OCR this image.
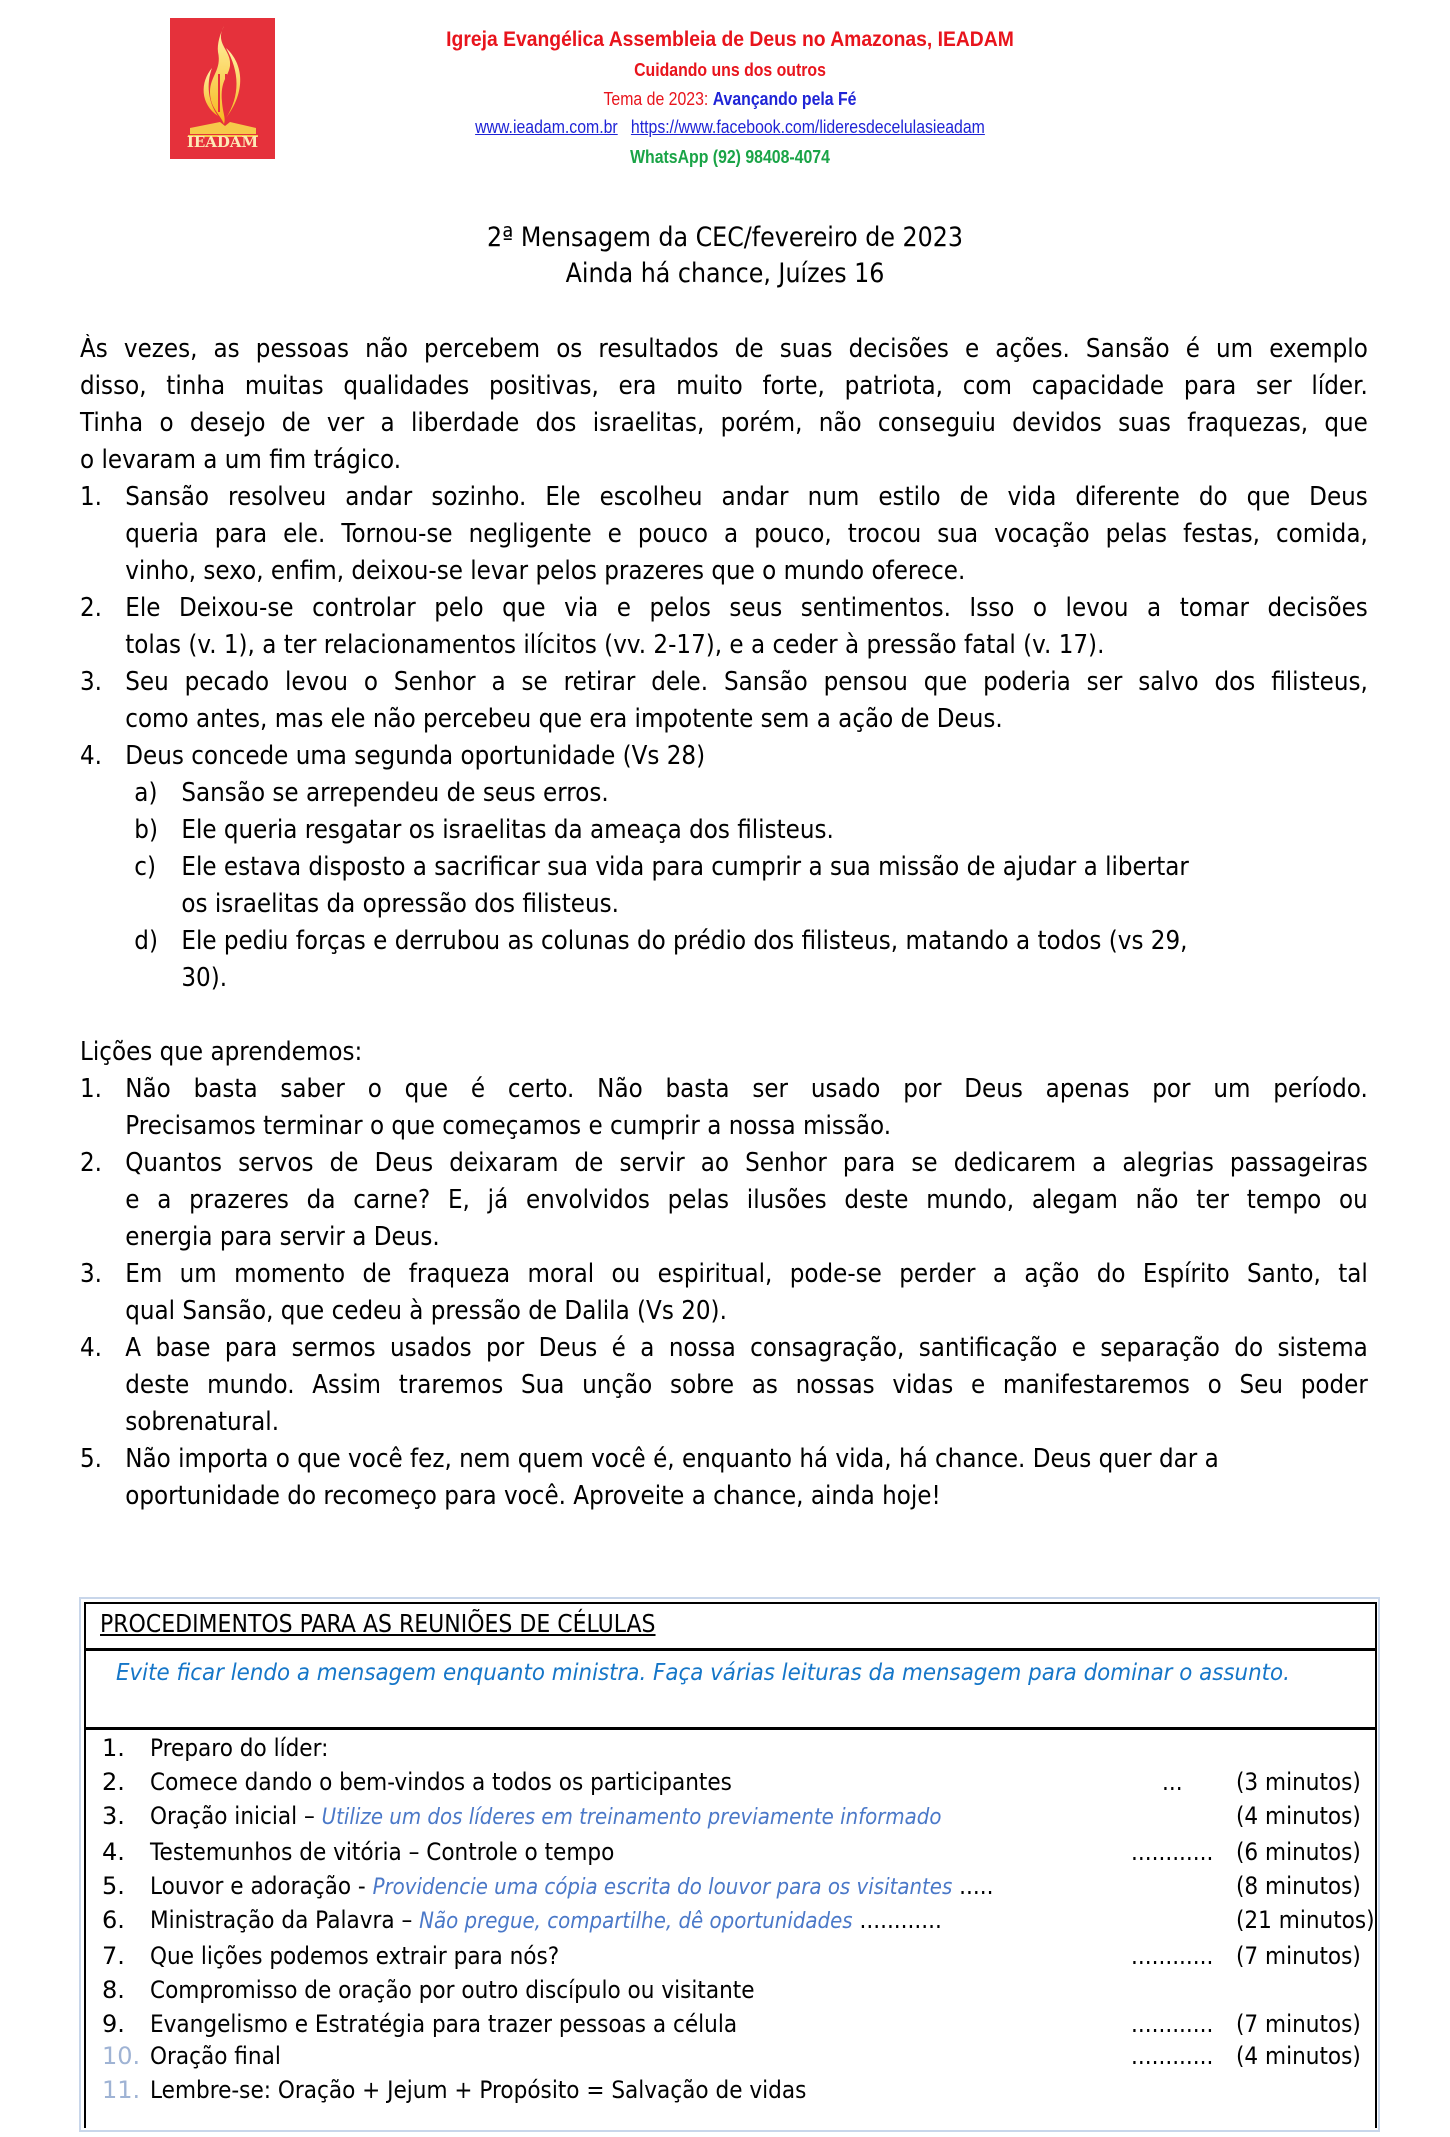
IEADAM
Igreja Evangélica Assembleia de Deus no Amazonas, IEADAM
Cuidando uns dos outros
Tema de 2023: Avançando pela Fé
www.ieadam.com.br https://www.facebook.com/lideresdecelulasieadam
WhatsApp (92) 98408-4074
2ª Mensagem da CEC/fevereiro de 2023
Ainda há chance, Juízes 16
Às vezes, as pessoas não percebem os resultados de suas decisões e ações. Sansão é um exemplo
disso, tinha muitas qualidades positivas, era muito forte, patriota, com capacidade para ser líder.
Tinha o desejo de ver a liberdade dos israelitas, porém, não conseguiu devidos suas fraquezas, que
o levaram a um fim trágico.
1. Sansão resolveu andar sozinho. Ele escolheu andar num estilo de vida diferente do que Deus
queria para ele. Tornou-se negligente e pouco a pouco, trocou sua vocação pelas festas, comida,
vinho, sexo, enfim, deixou-se levar pelos prazeres que o mundo oferece.
2. Ele Deixou-se controlar pelo que via e pelos seus sentimentos. Isso o levou a tomar decisões
tolas (v. 1), a ter relacionamentos ilícitos (vv. 2-17), e a ceder à pressão fatal (v. 17).
3. Seu pecado levou o Senhor a se retirar dele. Sansão pensou que poderia ser salvo dos filisteus,
como antes, mas ele não percebeu que era impotente sem a ação de Deus.
4. Deus concede uma segunda oportunidade (Vs 28)
a) Sansão se arrependeu de seus erros.
b) Ele queria resgatar os israelitas da ameaça dos filisteus.
c) Ele estava disposto a sacrificar sua vida para cumprir a sua missão de ajudar a libertar
os israelitas da opressão dos filisteus.
d) Ele pediu forças e derrubou as colunas do prédio dos filisteus, matando a todos (vs 29,
30).
Lições que aprendemos:
1. Não basta saber o que é certo. Não basta ser usado por Deus apenas por um período.
Precisamos terminar o que começamos e cumprir a nossa missão.
2. Quantos servos de Deus deixaram de servir ao Senhor para se dedicarem a alegrias passageiras
e a prazeres da carne? E, já envolvidos pelas ilusões deste mundo, alegam não ter tempo ou
energia para servir a Deus.
3. Em um momento de fraqueza moral ou espiritual, pode-se perder a ação do Espírito Santo, tal
qual Sansão, que cedeu à pressão de Dalila (Vs 20).
4. A base para sermos usados por Deus é a nossa consagração, santificação e separação do sistema
deste mundo. Assim traremos Sua unção sobre as nossas vidas e manifestaremos o Seu poder
sobrenatural.
5. Não importa o que você fez, nem quem você é, enquanto há vida, há chance. Deus quer dar a
oportunidade do recomeço para você. Aproveite a chance, ainda hoje!
PROCEDIMENTOS PARA AS REUNIÕES DE CÉLULAS
Evite ficar lendo a mensagem enquanto ministra. Faça várias leituras da mensagem para dominar o assunto.
1. Preparo do líder:
2. Comece dando o bem-vindos a todos os participantes	... (3 minutos)
3. Oração inicial – Utilize um dos líderes em treinamento previamente informado	(4 minutos)
4. Testemunhos de vitória – Controle o tempo	............ (6 minutos)
5. Louvor e adoração - Providencie uma cópia escrita do louvor para os visitantes .....	(8 minutos)
6. Ministração da Palavra – Não pregue, compartilhe, dê oportunidades ............	(21 minutos)
7. Que lições podemos extrair para nós?	............ (7 minutos)
8. Compromisso de oração por outro discípulo ou visitante
9. Evangelismo e Estratégia para trazer pessoas a célula	............ (7 minutos)
10. Oração final	............ (4 minutos)
11. Lembre-se: Oração + Jejum + Propósito = Salvação de vidas
